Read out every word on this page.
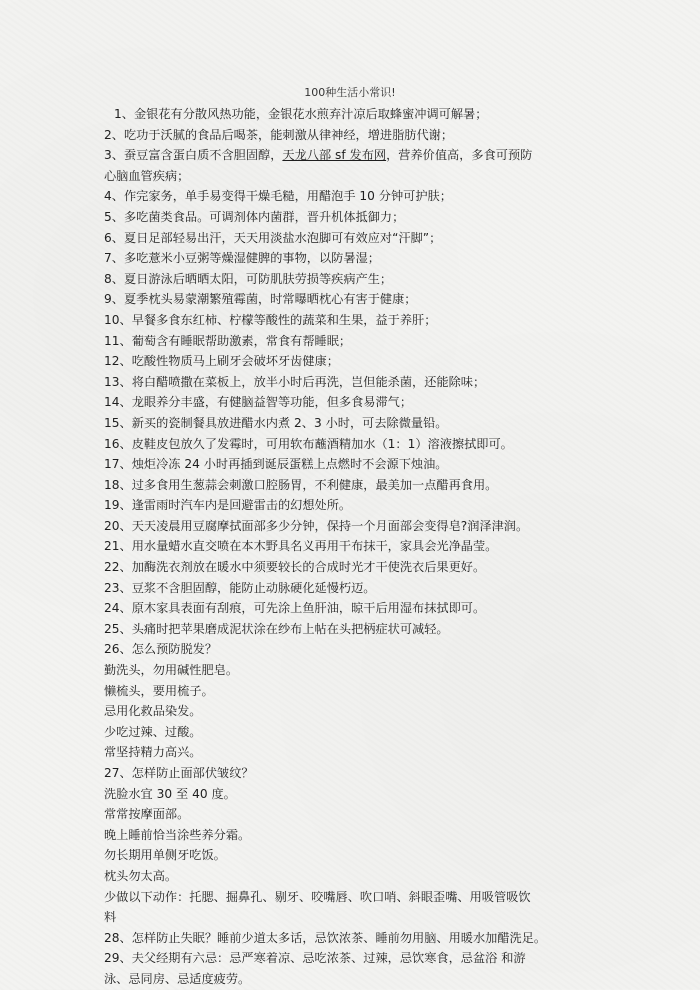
100种生活小常识!

1、金银花有分散风热功能，金银花水煎弃汁凉后取蜂蜜冲调可解暑；

2、吃功于沃腻的食品后喝茶，能刺激从律神经，增进脂肪代谢；

3、蚕豆富含蛋白质不含胆固醇，天龙八部 sf 发布网，营养价值高，多食可预防

心脑血管疾病；

4、作完家务，单手易变得干燥毛糙，用醋泡手 10 分钟可护肤；

5、多吃菌类食品。可调剂体内菌群，晋升机体抵御力；

6、夏日足部轻易出汗，天天用淡盐水泡脚可有效应对“汗脚”；

7、多吃薏米小豆粥等燥湿健脾的事物，以防暑湿；

8、夏日游泳后晒晒太阳，可防肌肤劳损等疾病产生；

9、夏季枕头易蒙潮繁殖霉菌，时常曝晒枕心有害于健康；

10、早餐多食东红柿、柠檬等酸性的蔬菜和生果，益于养肝；

11、葡萄含有睡眠帮助激素，常食有帮睡眠；

12、吃酸性物质马上刷牙会破坏牙齿健康；

13、将白醋喷撒在菜板上，放半小时后再洗，岂但能杀菌，还能除味；

14、龙眼养分丰盛，有健脑益智等功能，但多食易滞气；

15、新买的瓷制餐具放进醋水内煮 2、3 小时，可去除微量铅。

16、皮鞋皮包放久了发霉时，可用软布蘸酒精加水（1：1）溶液擦拭即可。

17、烛炬冷冻 24 小时再插到诞辰蛋糕上点燃时不会源下烛油。

18、过多食用生葱蒜会刺激口腔肠胃，不利健康，最美加一点醋再食用。

19、逢雷雨时汽车内是回避雷击的幻想处所。

20、天天凌晨用豆腐摩拭面部多少分钟，保持一个月面部会变得皂?润泽津润。

21、用水量蜡水直交喷在本木野具名义再用干布抹干，家具会光净晶莹。

22、加酶洗衣剂放在暖水中须要较长的合成时光才干使洗衣后果更好。

23、豆浆不含胆固醇，能防止动脉硬化延慢朽迈。

24、原木家具表面有刮痕，可先涂上鱼肝油，晾干后用湿布抹拭即可。

25、头痛时把苹果磨成泥状涂在纱布上帖在头把柄症状可减轻。

26、怎么预防脱发？

勤洗头，勿用碱性肥皂。

懒梳头，要用梳子。

忌用化救品染发。

少吃过辣、过酸。

常坚持精力高兴。

27、怎样防止面部伏皱纹？

洗脸水宜 30 至 40 度。

常常按摩面部。

晚上睡前恰当涂些养分霜。

勿长期用单侧牙吃饭。

枕头勿太高。

少做以下动作：托腮、掘鼻孔、剔牙、咬嘴唇、吹口哨、斜眼歪嘴、用吸管吸饮

料

28、怎样防止失眠？睡前少道太多话，忌饮浓茶、睡前勿用脑、用暖水加醋洗足。

29、夫父经期有六忌：忌严寒着凉、忌吃浓茶、过辣，忌饮寒食，忌盆浴 和游

泳、忌同房、忌适度疲劳。
